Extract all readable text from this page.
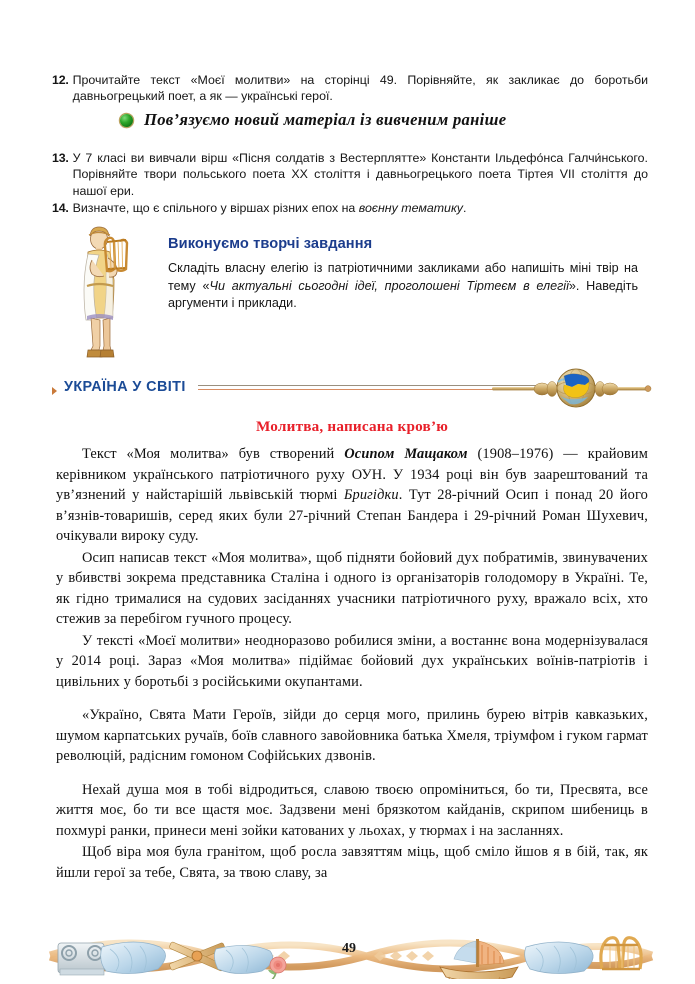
12. Прочитайте текст «Моєї молитви» на сторінці 49. Порівняйте, як закликає до боротьби давньогрецький поет, а як — українські герої.
Пов’язуємо новий матеріал із вивченим раніше
13. У 7 класі ви вивчали вірш «Пісня солдатів з Вестерплятте» Константи Ільдефо́нса Галчи́нського. Порівняйте твори польського поета XX століття і давньогрецького поета Тіртея VII століття до нашої ери.
14. Визначте, що є спільного у віршах різних епох на воєнну тематику.
Виконуємо творчі завдання
Складіть власну елегію із патріотичними закликами або напишіть міні твір на тему «Чи актуальні сьогодні ідеї, проголошені Тіртеєм в елегії». Наведіть аргументи і приклади.
УКРАЇНА У СВІТІ
Молитва, написана кров’ю
Текст «Моя молитва» був створений Осипом Мащаком (1908–1976) — крайовим керівником українського патріотичного руху ОУН. У 1934 році він був заарештований та ув’язнений у найстарішій львівській тюрмі Бригідки. Тут 28-річний Осип і понад 20 його в’язнів-товаришів, серед яких були 27-річний Степан Бандера і 29-річний Роман Шухевич, очікували вироку суду.
Осип написав текст «Моя молитва», щоб підняти бойовий дух побратимів, звинувачених у вбивстві зокрема представника Сталіна і одного із організаторів голодомору в Україні. Те, як гідно трималися на судових засіданнях учасники патріотичного руху, вражало всіх, хто стежив за перебігом гучного процесу.
У тексті «Моєї молитви» неодноразово робилися зміни, а востаннє вона модернізувалася у 2014 році. Зараз «Моя молитва» підіймає бойовий дух українських воїнів-патріотів і цивільних у боротьбі з російськими окупантами.
«Україно, Свята Мати Героїв, зійди до серця мого, прилинь бурею вітрів кавказьких, шумом карпатських ручаїв, боїв славного завойовника батька Хмеля, тріумфом і гуком гармат революцій, радісним гомоном Софійських дзвонів.
Нехай душа моя в тобі відродиться, славою твоєю опроміниться, бо ти, Пресвята, все життя моє, бо ти все щастя моє. Задзвени мені брязкотом кайданів, скрипом шибениць в похмурі ранки, принеси мені зойки катованих у льохах, у тюрмах і на засланнях.
Щоб віра моя була гранітом, щоб росла завзяттям міць, щоб сміло йшов я в бій, так, як йшли герої за тебе, Свята, за твою славу, за
49
